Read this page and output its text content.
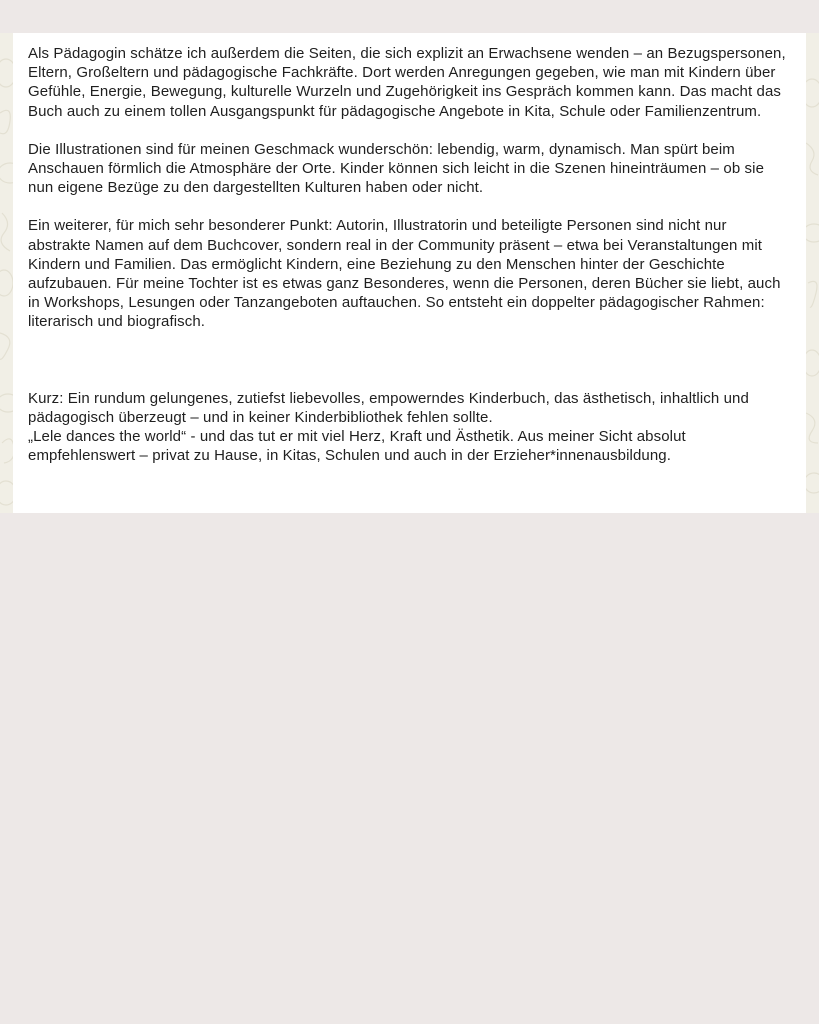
Als Pädagogin schätze ich außerdem die Seiten, die sich explizit an Erwachsene wenden – an Bezugspersonen, Eltern, Großeltern und pädagogische Fachkräfte. Dort werden Anregungen gegeben, wie man mit Kindern über Gefühle, Energie, Bewegung, kulturelle Wurzeln und Zugehörigkeit ins Gespräch kommen kann. Das macht das Buch auch zu einem tollen Ausgangspunkt für pädagogische Angebote in Kita, Schule oder Familienzentrum.

Die Illustrationen sind für meinen Geschmack wunderschön: lebendig, warm, dynamisch. Man spürt beim Anschauen förmlich die Atmosphäre der Orte. Kinder können sich leicht in die Szenen hineinträumen – ob sie nun eigene Bezüge zu den dargestellten Kulturen haben oder nicht.

Ein weiterer, für mich sehr besonderer Punkt: Autorin, Illustratorin und beteiligte Personen sind nicht nur abstrakte Namen auf dem Buchcover, sondern real in der Community präsent – etwa bei Veranstaltungen mit Kindern und Familien. Das ermöglicht Kindern, eine Beziehung zu den Menschen hinter der Geschichte aufzubauen. Für meine Tochter ist es etwas ganz Besonderes, wenn die Personen, deren Bücher sie liebt, auch in Workshops, Lesungen oder Tanzangeboten auftauchen. So entsteht ein doppelter pädagogischer Rahmen: literarisch und biografisch.

Kurz: Ein rundum gelungenes, zutiefst liebevolles, empowerndes Kinderbuch, das ästhetisch, inhaltlich und pädagogisch überzeugt – und in keiner Kinderbibliothek fehlen sollte.

„Lele dances the world“ - und das tut er mit viel Herz, Kraft und Ästhetik. Aus meiner Sicht absolut empfehlenswert – privat zu Hause, in Kitas, Schulen und auch in der Erzieher*innenausbildung.
